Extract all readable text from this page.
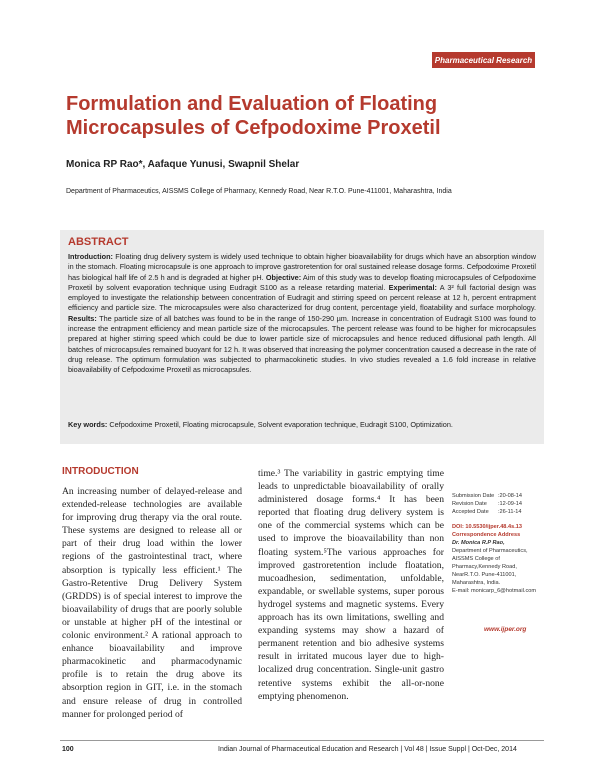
Pharmaceutical Research
Formulation and Evaluation of Floating
Microcapsules of Cefpodoxime Proxetil
Monica RP Rao*, Aafaque Yunusi, Swapnil Shelar
Department of Pharmaceutics, AISSMS College of Pharmacy, Kennedy Road, Near R.T.O. Pune-411001, Maharashtra, India
ABSTRACT
Introduction: Floating drug delivery system is widely used technique to obtain higher bioavailability for drugs which have an absorption window in the stomach. Floating microcapsule is one approach to improve gastroretention for oral sustained release dosage forms. Cefpodoxime Proxetil has biological half life of 2.5 h and is degraded at higher pH. Objective: Aim of this study was to develop floating microcapsules of Cefpodoxime Proxetil by solvent evaporation technique using Eudragit S100 as a release retarding material. Experimental: A 3² full factorial design was employed to investigate the relationship between concentration of Eudragit and stirring speed on percent release at 12 h, percent entrapment efficiency and particle size. The microcapsules were also characterized for drug content, percentage yield, floatability and surface morphology. Results: The particle size of all batches was found to be in the range of 150-290 µm. Increase in concentration of Eudragit S100 was found to increase the entrapment efficiency and mean particle size of the microcapsules. The percent release was found to be higher for microcapsules prepared at higher stirring speed which could be due to lower particle size of microcapsules and hence reduced diffusional path length. All batches of microcapsules remained buoyant for 12 h. It was observed that increasing the polymer concentration caused a decrease in the rate of drug release. The optimum formulation was subjected to pharmacokinetic studies. In vivo studies revealed a 1.6 fold increase in relative bioavailability of Cefpodoxime Proxetil as microcapsules.
Key words: Cefpodoxime Proxetil, Floating microcapsule, Solvent evaporation technique, Eudragit S100, Optimization.
INTRODUCTION
An increasing number of delayed-release and extended-release technologies are available for improving drug therapy via the oral route. These systems are designed to release all or part of their drug load within the lower regions of the gastrointestinal tract, where absorption is typically less efficient.¹ The Gastro-Retentive Drug Delivery System (GRDDS) is of special interest to improve the bioavailability of drugs that are poorly soluble or unstable at higher pH of the intestinal or colonic environment.² A rational approach to enhance bioavailability and improve pharmacokinetic and pharmacodynamic profile is to retain the drug above its absorption region in GIT, i.e. in the stomach and ensure release of drug in controlled manner for prolonged period of
time.³ The variability in gastric emptying time leads to unpredictable bioavailability of orally administered dosage forms.⁴ It has been reported that floating drug delivery system is one of the commercial systems which can be used to improve the bioavailability than non floating system.⁵The various approaches for improved gastroretention include floatation, mucoadhesion, sedimentation, unfoldable, expandable, or swellable systems, super porous hydrogel systems and magnetic systems. Every approach has its own limitations, swelling and expanding systems may show a hazard of permanent retention and bio adhesive systems result in irritated mucous layer due to high-localized drug concentration. Single-unit gastro retentive systems exhibit the all-or-none emptying phenomenon.
Submission Date :20-08-14
Revision Date	:12-09-14
Accepted Date	:26-11-14
DOI: 10.5530/ijper.48.4s.13
Correspondence Address
Dr. Monica R.P Rao,
Department of Pharmaceutics, AISSMS College of Pharmacy,Kennedy Road, NearR.T.O. Pune-411001, Maharashtra, India.
E-mail: monicarp_6@hotmail.com
www.ijper.org
100	Indian Journal of Pharmaceutical Education and Research | Vol 48 | Issue Suppl | Oct-Dec, 2014
